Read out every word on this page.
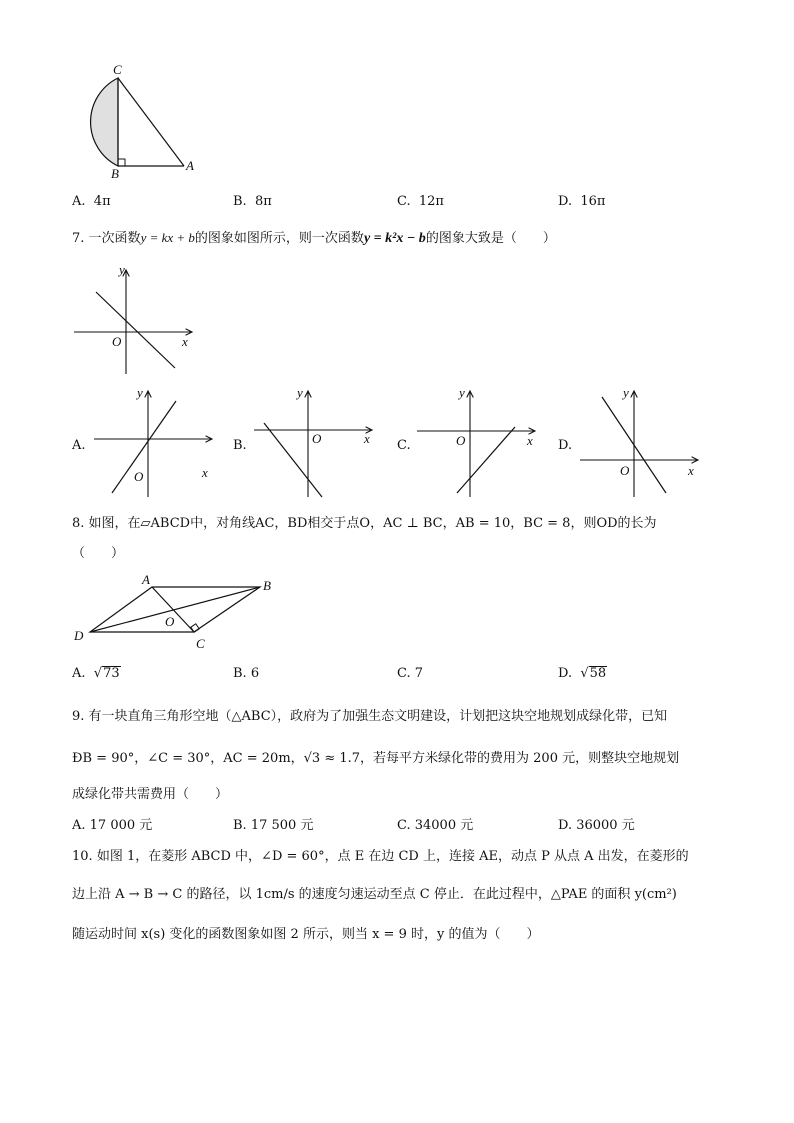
C
B
A
A. 4π	B. 8π	C. 12π	D. 16π
7. 一次函数y = kx + b的图象如图所示，则一次函数y = k²x − b的图象大致是（　　）
y
x
O
A.
y
x
O
B.
y
x
O	C.
y
x
O	D.
y
x
O
8. 如图，在▱ABCD中，对角线AC，BD相交于点O，AC ⊥ BC，AB = 10，BC = 8，则OD的长为
（　　）
A	B
C
D
O
A.  √73	B. 6	C. 7	D.  √58
9. 有一块直角三角形空地（△ABC），政府为了加强生态文明建设，计划把这块空地规划成绿化带，已知
ÐB = 90°，∠C = 30°，AC = 20m，√3 ≈ 1.7，若每平方米绿化带的费用为 200 元，则整块空地规划
成绿化带共需费用（　　）
A. 17 000 元	B. 17 500 元	C. 34000 元	D. 36000 元
10. 如图 1，在菱形 ABCD 中，∠D = 60°，点 E 在边 CD 上，连接 AE，动点 P 从点 A 出发，在菱形的
边上沿 A → B → C 的路径，以 1cm/s 的速度匀速运动至点 C 停止．在此过程中，△PAE 的面积 y(cm²)
随运动时间 x(s) 变化的函数图象如图 2 所示，则当 x = 9 时，y 的值为（　　）
